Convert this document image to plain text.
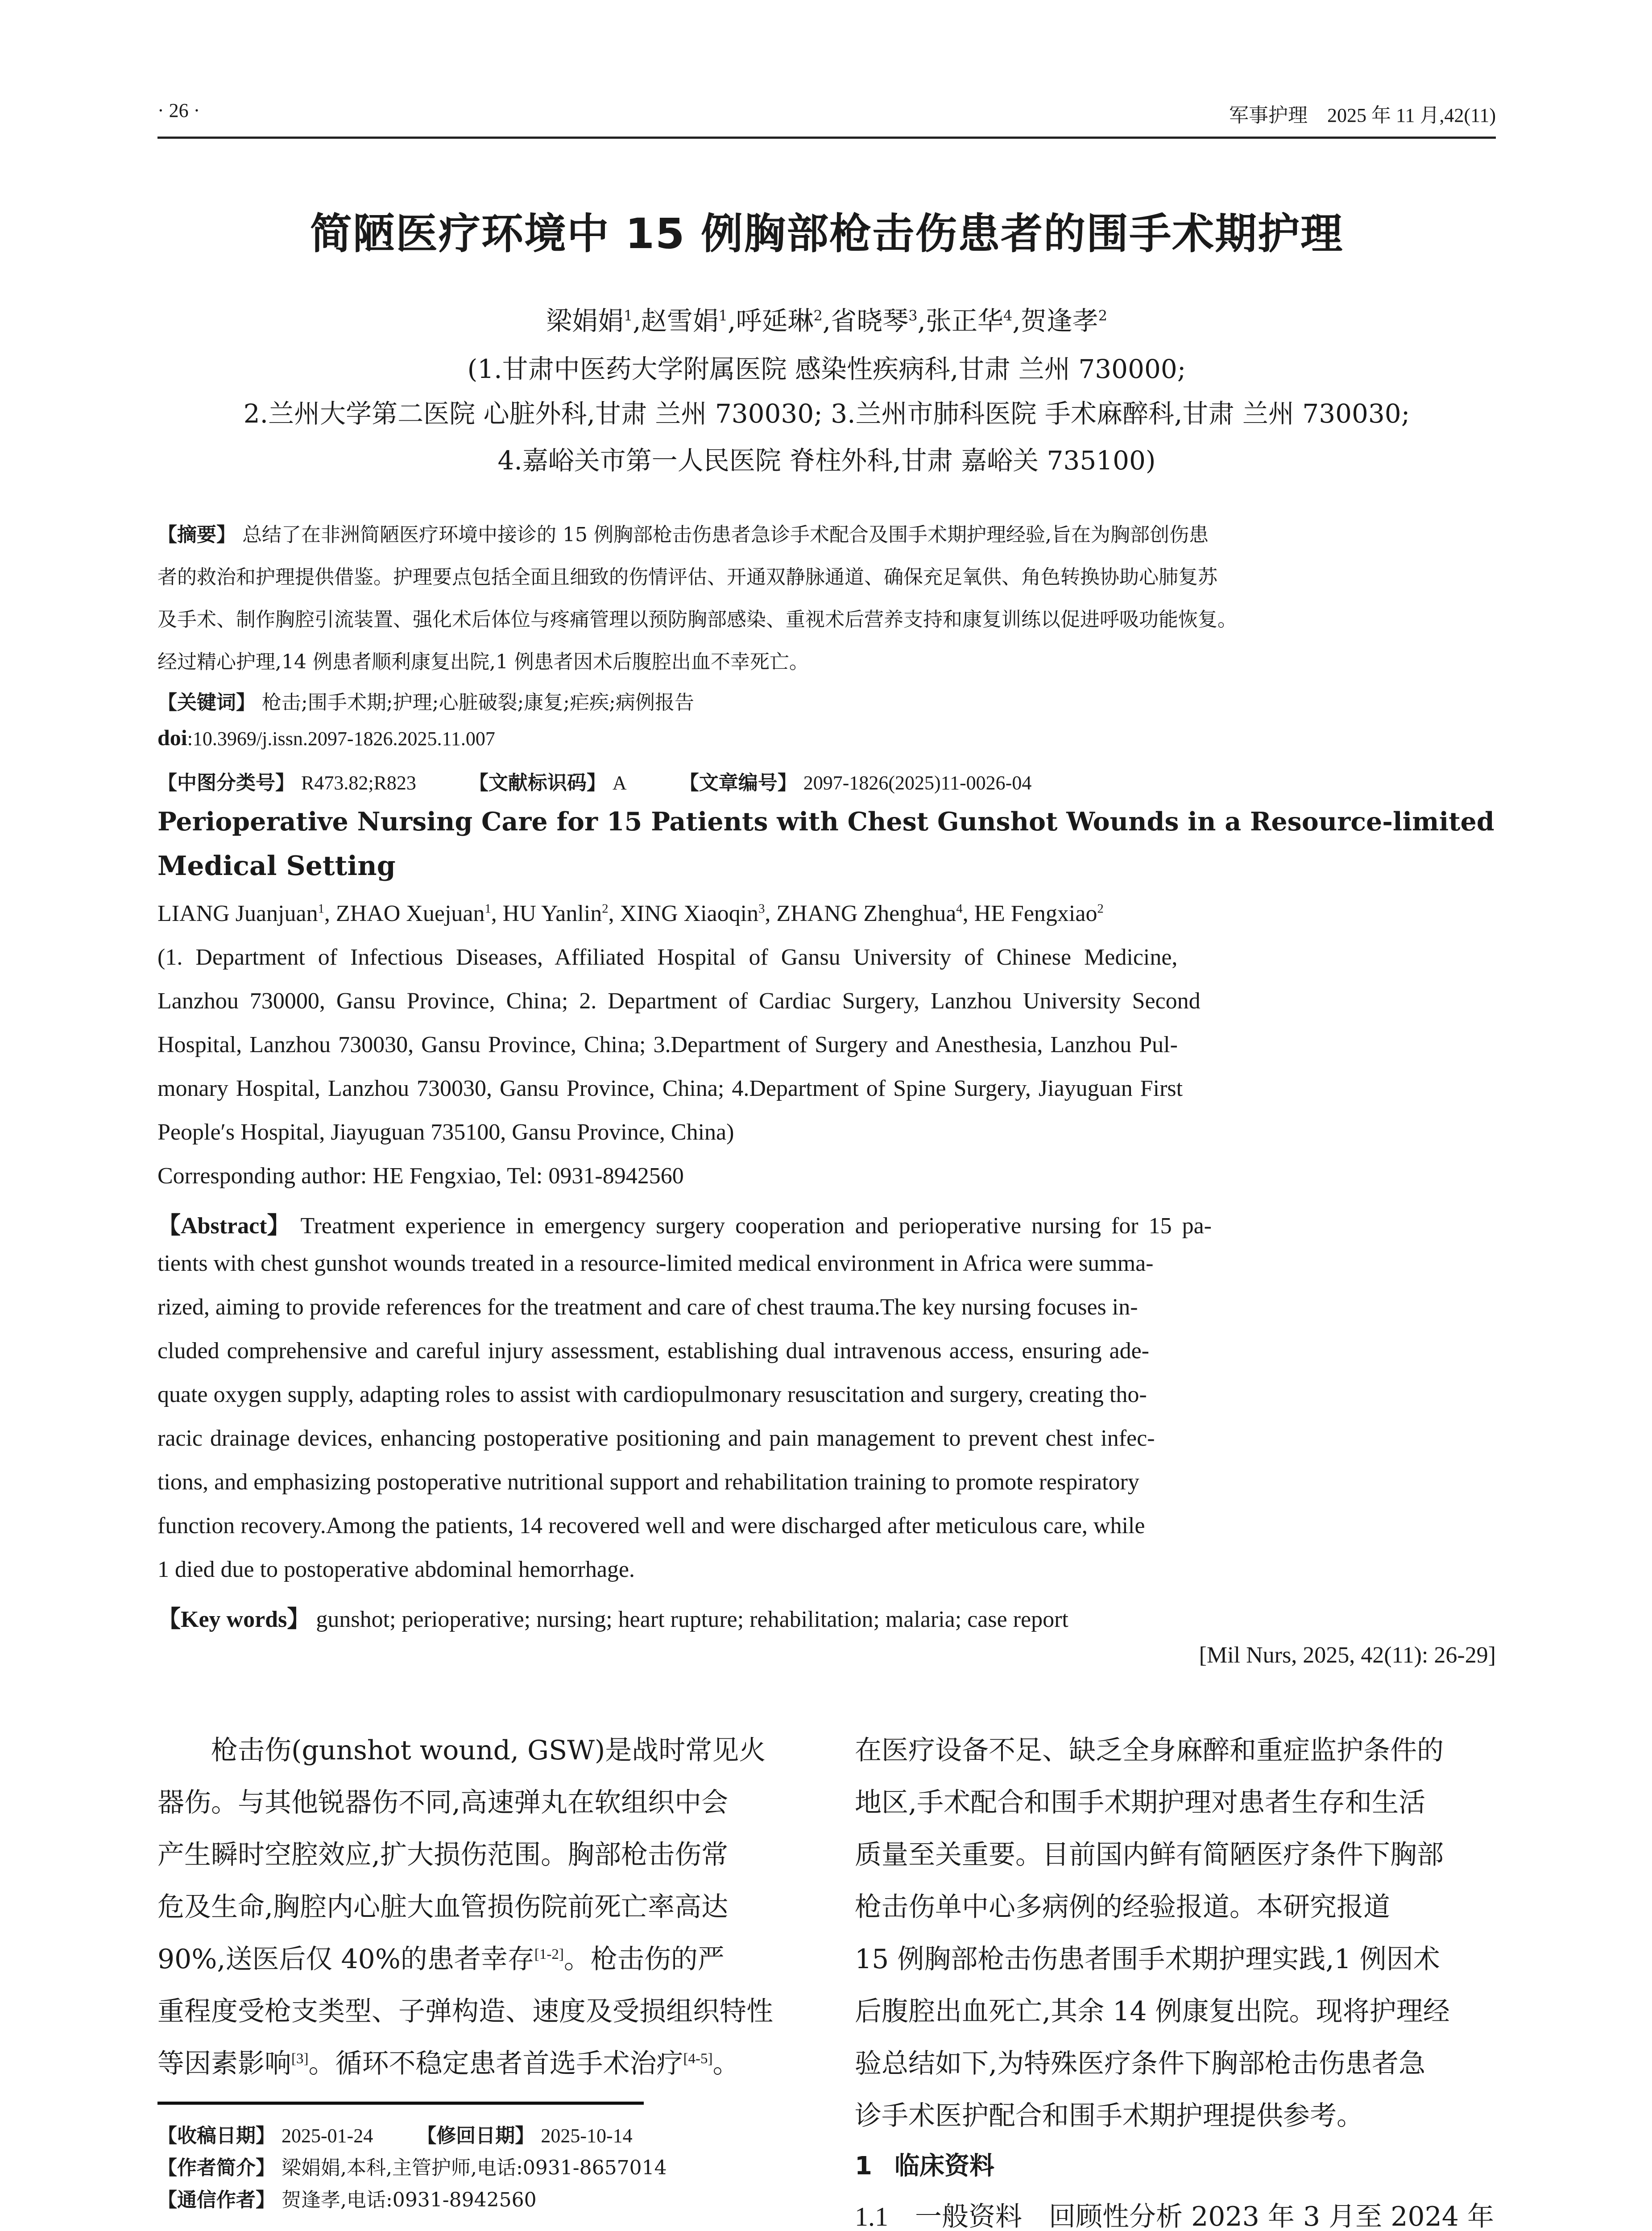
· 26 ·	军事护理　2025 年 11 月,42(11)
简陋医疗环境中 15 例胸部枪击伤患者的围手术期护理
梁娟娟$^1$,赵雪娟$^1$,呼延琳$^2$,省晓琴$^3$,张正华$^4$,贺逢孝$^2$
(1.甘肃中医药大学附属医院 感染性疾病科,甘肃 兰州 730000;
2.兰州大学第二医院 心脏外科,甘肃 兰州 730030; 3.兰州市肺科医院 手术麻醉科,甘肃 兰州 730030;
4.嘉峪关市第一人民医院 脊柱外科,甘肃 嘉峪关 735100)
【摘要】 总结了在非洲简陋医疗环境中接诊的 15 例胸部枪击伤患者急诊手术配合及围手术期护理经验,旨在为胸部创伤患
者的救治和护理提供借鉴。护理要点包括全面且细致的伤情评估、开通双静脉通道、确保充足氧供、角色转换协助心肺复苏
及手术、制作胸腔引流装置、强化术后体位与疼痛管理以预防胸部感染、重视术后营养支持和康复训练以促进呼吸功能恢复。
经过精心护理,14 例患者顺利康复出院,1 例患者因术后腹腔出血不幸死亡。
【关键词】 枪击;围手术期;护理;心脏破裂;康复;疟疾;病例报告
doi:10.3969/j.issn.2097-1826.2025.11.007
【中图分类号】 R473.82;R823	【文献标识码】 A	【文章编号】 2097-1826(2025)11-0026-04
Perioperative Nursing Care for 15 Patients with Chest Gunshot Wounds in a Resource-limited
Medical Setting
LIANG Juanjuan$^1$, ZHAO Xuejuan$^1$, HU Yanlin$^2$, XING Xiaoqin$^3$, ZHANG Zhenghua$^4$, HE Fengxiao$^2$
(1. Department of Infectious Diseases, Affiliated Hospital of Gansu University of Chinese Medicine,
Lanzhou 730000, Gansu Province, China; 2. Department of Cardiac Surgery, Lanzhou University Second
Hospital, Lanzhou 730030, Gansu Province, China; 3.Department of Surgery and Anesthesia, Lanzhou Pul-
monary Hospital, Lanzhou 730030, Gansu Province, China; 4.Department of Spine Surgery, Jiayuguan First
People′s Hospital, Jiayuguan 735100, Gansu Province, China)
Corresponding author: HE Fengxiao, Tel: 0931-8942560
【Abstract】 Treatment experience in emergency surgery cooperation and perioperative nursing for 15 pa-
tients with chest gunshot wounds treated in a resource-limited medical environment in Africa were summa-
rized, aiming to provide references for the treatment and care of chest trauma.The key nursing focuses in-
cluded comprehensive and careful injury assessment, establishing dual intravenous access, ensuring ade-
quate oxygen supply, adapting roles to assist with cardiopulmonary resuscitation and surgery, creating tho-
racic drainage devices, enhancing postoperative positioning and pain management to prevent chest infec-
tions, and emphasizing postoperative nutritional support and rehabilitation training to promote respiratory
function recovery.Among the patients, 14 recovered well and were discharged after meticulous care, while
1 died due to postoperative abdominal hemorrhage.
【Key words】 gunshot; perioperative; nursing; heart rupture; rehabilitation; malaria; case report
[Mil Nurs, 2025, 42(11): 26-29]
　　枪击伤(gunshot wound, GSW)是战时常见火
器伤。与其他锐器伤不同,高速弹丸在软组织中会
产生瞬时空腔效应,扩大损伤范围。胸部枪击伤常
危及生命,胸腔内心脏大血管损伤院前死亡率高达
90%,送医后仅 40%的患者幸存[1-2]。枪击伤的严
重程度受枪支类型、子弹构造、速度及受损组织特性
等因素影响[3]。循环不稳定患者首选手术治疗[4-5]。
【收稿日期】 2025-01-24 【修回日期】 2025-10-14
【作者简介】 梁娟娟,本科,主管护师,电话:0931-8657014
【通信作者】 贺逢孝,电话:0931-8942560
在医疗设备不足、缺乏全身麻醉和重症监护条件的
地区,手术配合和围手术期护理对患者生存和生活
质量至关重要。目前国内鲜有简陋医疗条件下胸部
枪击伤单中心多病例的经验报道。本研究报道
15 例胸部枪击伤患者围手术期护理实践,1 例因术
后腹腔出血死亡,其余 14 例康复出院。现将护理经
验总结如下,为特殊医疗条件下胸部枪击伤患者急
诊手术医护配合和围手术期护理提供参考。
1 临床资料
1.1 一般资料 回顾性分析 2023 年 3 月至 2024 年
